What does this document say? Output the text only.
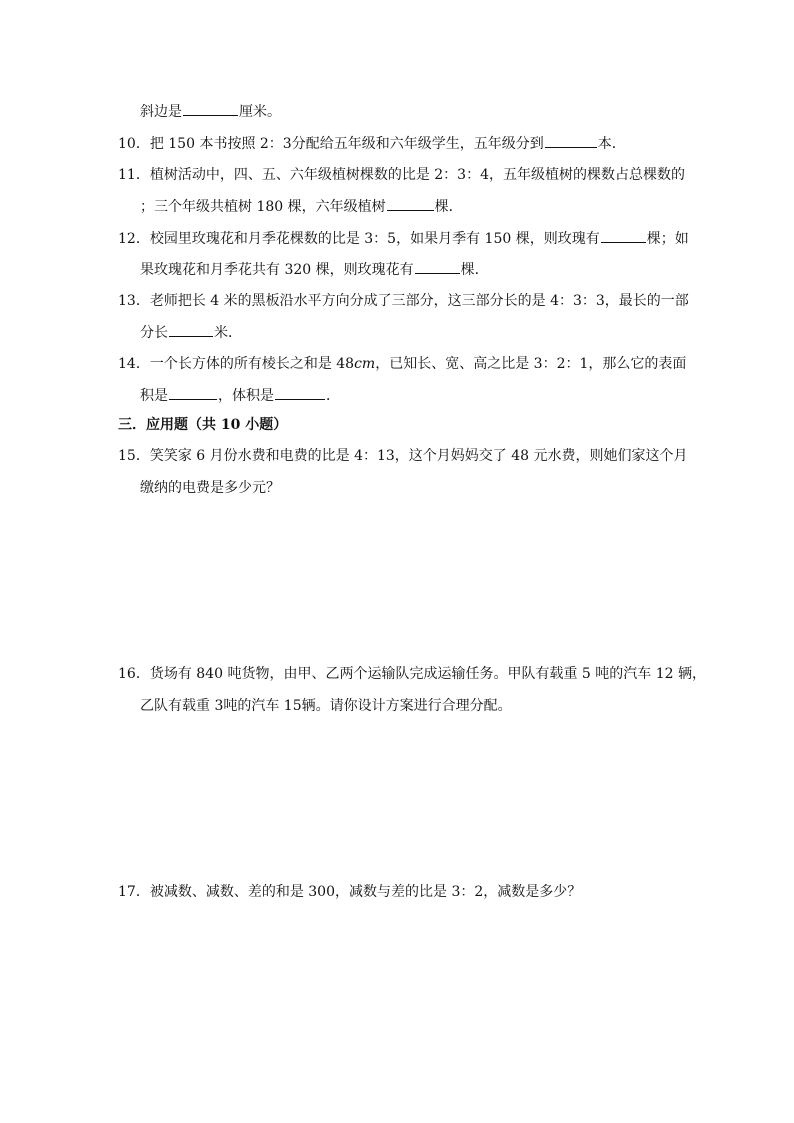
斜边是	厘米。
10．把 150 本书按照 2：3分配给五年级和六年级学生，五年级分到	本．
11．植树活动中，四、五、六年级植树棵数的比是 2：3：4，五年级植树的棵数占总棵数的
；三个年级共植树 180 棵，六年级植树	棵．
12．校园里玫瑰花和月季花棵数的比是 3：5，如果月季有 150 棵，则玫瑰有	棵；如
果玫瑰花和月季花共有 320 棵，则玫瑰花有	棵．
13．老师把长 4 米的黑板沿水平方向分成了三部分，这三部分长的是 4：3：3，最长的一部
分长	米．
14．一个长方体的所有棱长之和是 48cm，已知长、宽、高之比是 3：2：1，那么它的表面
积是	，体积是	．
三．应用题（共 10 小题）
15．笑笑家 6 月份水费和电费的比是 4：13，这个月妈妈交了 48 元水费，则她们家这个月
缴纳的电费是多少元？
16．货场有 840 吨货物，由甲、乙两个运输队完成运输任务。甲队有载重 5 吨的汽车 12 辆，
乙队有载重 3吨的汽车 15辆。请你设计方案进行合理分配。
17．被减数、减数、差的和是 300，减数与差的比是 3：2，减数是多少？
